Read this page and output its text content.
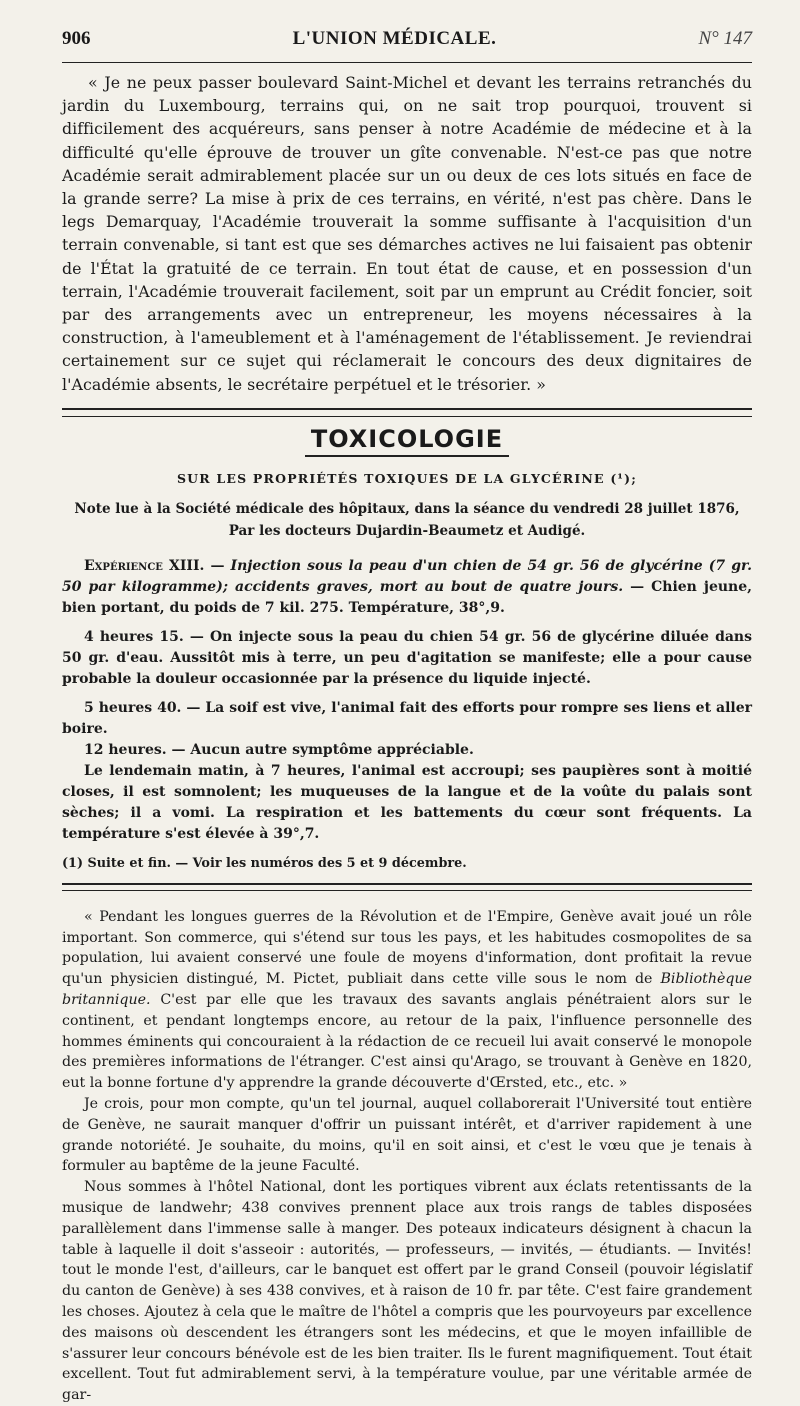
906	L'UNION MÉDICALE.	N° 147

« Je ne peux passer boulevard Saint-Michel et devant les terrains retranchés du jardin du Luxembourg, terrains qui, on ne sait trop pourquoi, trouvent si difficilement des acquéreurs, sans penser à notre Académie de médecine et à la difficulté qu'elle éprouve de trouver un gîte convenable. N'est-ce pas que notre Académie serait admirablement placée sur un ou deux de ces lots situés en face de la grande serre? La mise à prix de ces terrains, en vérité, n'est pas chère. Dans le legs Demarquay, l'Académie trouverait la somme suffisante à l'acquisition d'un terrain convenable, si tant est que ses démarches actives ne lui faisaient pas obtenir de l'État la gratuité de ce terrain. En tout état de cause, et en possession d'un terrain, l'Académie trouverait facilement, soit par un emprunt au Crédit foncier, soit par des arrangements avec un entrepreneur, les moyens nécessaires à la construction, à l'ameublement et à l'aménagement de l'établissement. Je reviendrai certainement sur ce sujet qui réclamerait le concours des deux dignitaires de l'Académie absents, le secrétaire perpétuel et le trésorier. »

TOXICOLOGIE
SUR LES PROPRIÉTÉS TOXIQUES DE LA GLYCÉRINE (¹);
Note lue à la Société médicale des hôpitaux, dans la séance du vendredi 28 juillet 1876,
Par les docteurs Dujardin-Beaumetz et Audigé.

Expérience XIII. — Injection sous la peau d'un chien de 54 gr. 56 de glycérine (7 gr. 50 par kilogramme); accidents graves, mort au bout de quatre jours. — Chien jeune, bien portant, du poids de 7 kil. 275. Température, 38°,9.

4 heures 15. — On injecte sous la peau du chien 54 gr. 56 de glycérine diluée dans 50 gr. d'eau. Aussitôt mis à terre, un peu d'agitation se manifeste; elle a pour cause probable la douleur occasionnée par la présence du liquide injecté.

5 heures 40. — La soif est vive, l'animal fait des efforts pour rompre ses liens et aller boire.

12 heures. — Aucun autre symptôme appréciable.

Le lendemain matin, à 7 heures, l'animal est accroupi; ses paupières sont à moitié closes, il est somnolent; les muqueuses de la langue et de la voûte du palais sont sèches; il a vomi. La respiration et les battements du cœur sont fréquents. La température s'est élevée à 39°,7.

(1) Suite et fin. — Voir les numéros des 5 et 9 décembre.

« Pendant les longues guerres de la Révolution et de l'Empire, Genève avait joué un rôle important. Son commerce, qui s'étend sur tous les pays, et les habitudes cosmopolites de sa population, lui avaient conservé une foule de moyens d'information, dont profitait la revue qu'un physicien distingué, M. Pictet, publiait dans cette ville sous le nom de Bibliothèque britannique. C'est par elle que les travaux des savants anglais pénétraient alors sur le continent, et pendant longtemps encore, au retour de la paix, l'influence personnelle des hommes éminents qui concouraient à la rédaction de ce recueil lui avait conservé le monopole des premières informations de l'étranger. C'est ainsi qu'Arago, se trouvant à Genève en 1820, eut la bonne fortune d'y apprendre la grande découverte d'Œrsted, etc., etc. »

Je crois, pour mon compte, qu'un tel journal, auquel collaborerait l'Université tout entière de Genève, ne saurait manquer d'offrir un puissant intérêt, et d'arriver rapidement à une grande notoriété. Je souhaite, du moins, qu'il en soit ainsi, et c'est le vœu que je tenais à formuler au baptême de la jeune Faculté.

Nous sommes à l'hôtel National, dont les portiques vibrent aux éclats retentissants de la musique de landwehr; 438 convives prennent place aux trois rangs de tables disposées parallèlement dans l'immense salle à manger. Des poteaux indicateurs désignent à chacun la table à laquelle il doit s'asseoir : autorités, — professeurs, — invités, — étudiants. — Invités! tout le monde l'est, d'ailleurs, car le banquet est offert par le grand Conseil (pouvoir législatif du canton de Genève) à ses 438 convives, et à raison de 10 fr. par tête. C'est faire grandement les choses. Ajoutez à cela que le maître de l'hôtel a compris que les pourvoyeurs par excellence des maisons où descendent les étrangers sont les médecins, et que le moyen infaillible de s'assurer leur concours bénévole est de les bien traiter. Ils le furent magnifiquement. Tout était excellent. Tout fut admirablement servi, à la température voulue, par une véritable armée de gar-
